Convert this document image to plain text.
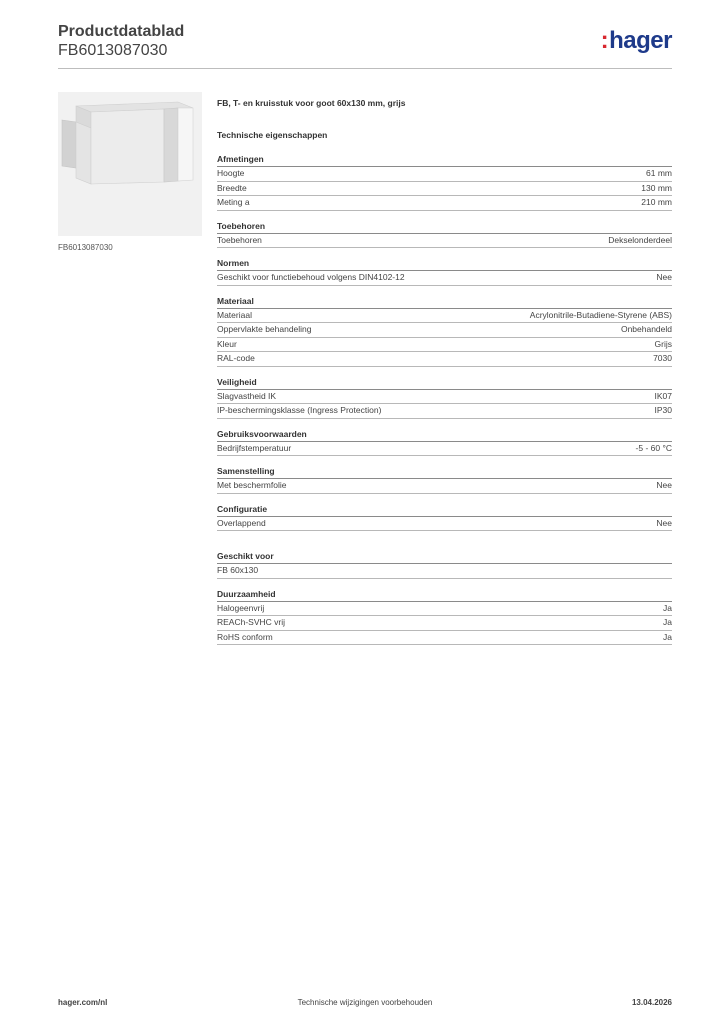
Productdatablad
FB6013087030	:hager
FB6013087030
FB, T- en kruisstuk voor goot 60x130 mm, grijs
Technische eigenschappen
Afmetingen
Hoogte	61 mm
Breedte	130 mm
Meting a	210 mm
Toebehoren
Toebehoren	Dekselonderdeel
Normen
Geschikt voor functiebehoud volgens DIN4102-12	Nee
Materiaal
Materiaal	Acrylonitrile-Butadiene-Styrene (ABS)
Oppervlakte behandeling	Onbehandeld
Kleur	Grijs
RAL-code	7030
Veiligheid
Slagvastheid IK	IK07
IP-beschermingsklasse (Ingress Protection)	IP30
Gebruiksvoorwaarden
Bedrijfstemperatuur	-5 - 60 °C
Samenstelling
Met beschermfolie	Nee
Configuratie
Overlappend	Nee
Geschikt voor
FB 60x130
Duurzaamheid
Halogeenvrij	Ja
REACh-SVHC vrij	Ja
RoHS conform	Ja
hager.com/nl	Technische wijzigingen voorbehouden	13.04.2026
